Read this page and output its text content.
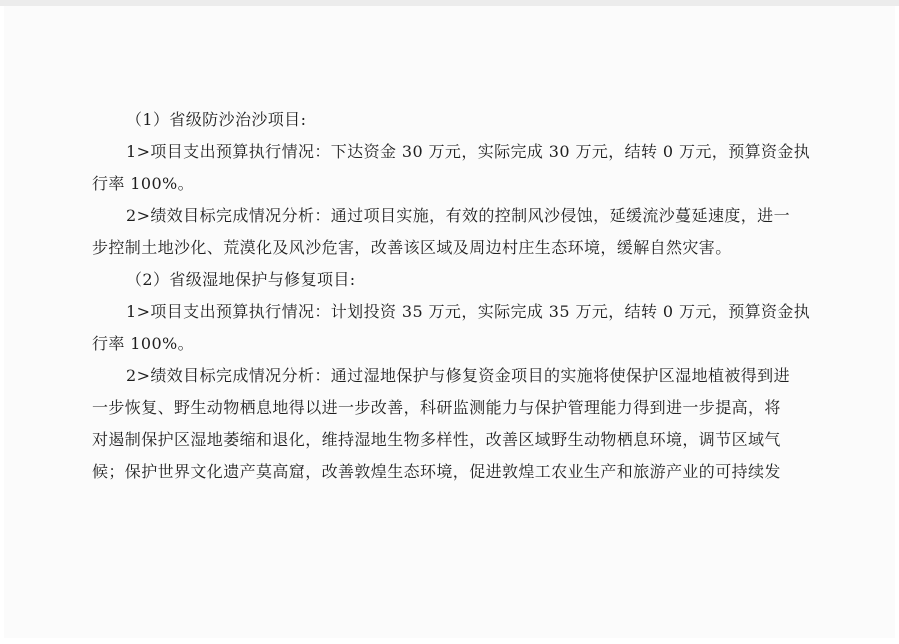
（1）省级防沙治沙项目:
1>项目支出预算执行情况：下达资金 30 万元，实际完成 30 万元，结转 0 万元，预算资金执
行率 100%。
2>绩效目标完成情况分析：通过项目实施，有效的控制风沙侵蚀，延缓流沙蔓延速度，进一
步控制土地沙化、荒漠化及风沙危害，改善该区域及周边村庄生态环境，缓解自然灾害。
（2）省级湿地保护与修复项目:
1>项目支出预算执行情况：计划投资 35 万元，实际完成 35 万元，结转 0 万元，预算资金执
行率 100%。
2>绩效目标完成情况分析：通过湿地保护与修复资金项目的实施将使保护区湿地植被得到进
一步恢复、野生动物栖息地得以进一步改善，科研监测能力与保护管理能力得到进一步提高，将
对遏制保护区湿地萎缩和退化，维持湿地生物多样性，改善区域野生动物栖息环境，调节区域气
候；保护世界文化遗产莫高窟，改善敦煌生态环境，促进敦煌工农业生产和旅游产业的可持续发
